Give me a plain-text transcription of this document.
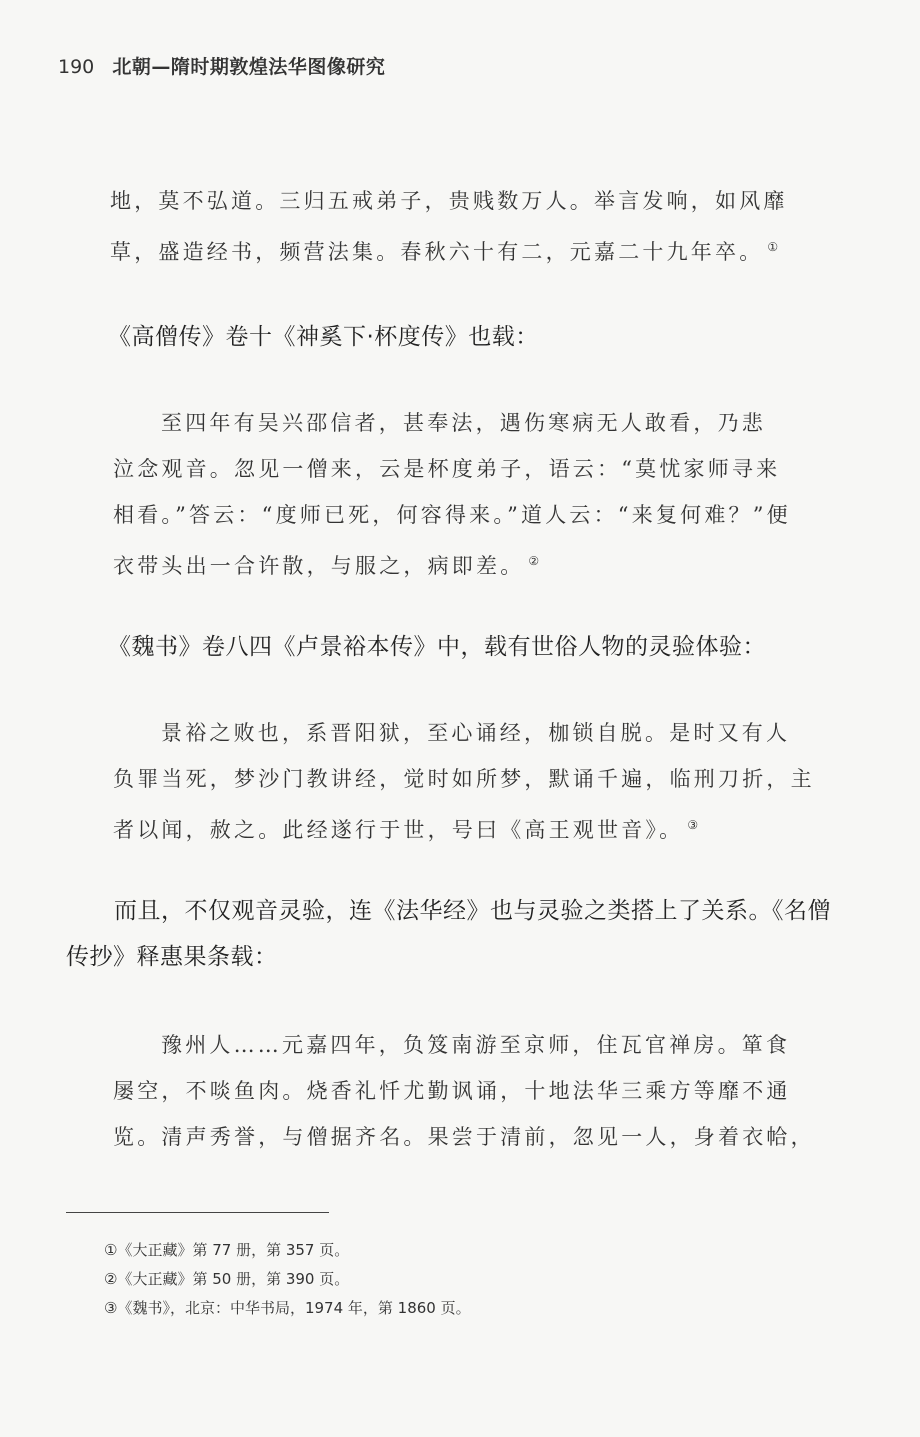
190 北朝—隋时期敦煌法华图像研究

地，莫不弘道。三归五戒弟子，贵贱数万人。举言发响，如风靡

草，盛造经书，频营法集。春秋六十有二，元嘉二十九年卒。 ①

《高僧传》卷十《神奚下·杯度传》也载：

至四年有吴兴邵信者，甚奉法，遇伤寒病无人敢看，乃悲

泣念观音。忽见一僧来，云是杯度弟子，语云：“莫忧家师寻来

相看。”答云：“度师已死，何容得来。”道人云：“来复何难？”便

衣带头出一合许散，与服之，病即差。 ②

《魏书》卷八四《卢景裕本传》中，载有世俗人物的灵验体验：

景裕之败也，系晋阳狱，至心诵经，枷锁自脱。是时又有人

负罪当死，梦沙门教讲经，觉时如所梦，默诵千遍，临刑刀折，主

者以闻，赦之。此经遂行于世，号曰《高王观世音》。 ③

而且，不仅观音灵验，连《法华经》也与灵验之类搭上了关系。《名僧

传抄》释惠果条载：

豫州人……元嘉四年，负笈南游至京师，住瓦官禅房。箪食

屡空，不啖鱼肉。烧香礼忏尤勤讽诵，十地法华三乘方等靡不通

览。清声秀誉，与僧据齐名。果尝于清前，忽见一人，身着衣帢，

①《大正藏》第 77 册，第 357 页。
②《大正藏》第 50 册，第 390 页。
③《魏书》，北京：中华书局，1974 年，第 1860 页。
